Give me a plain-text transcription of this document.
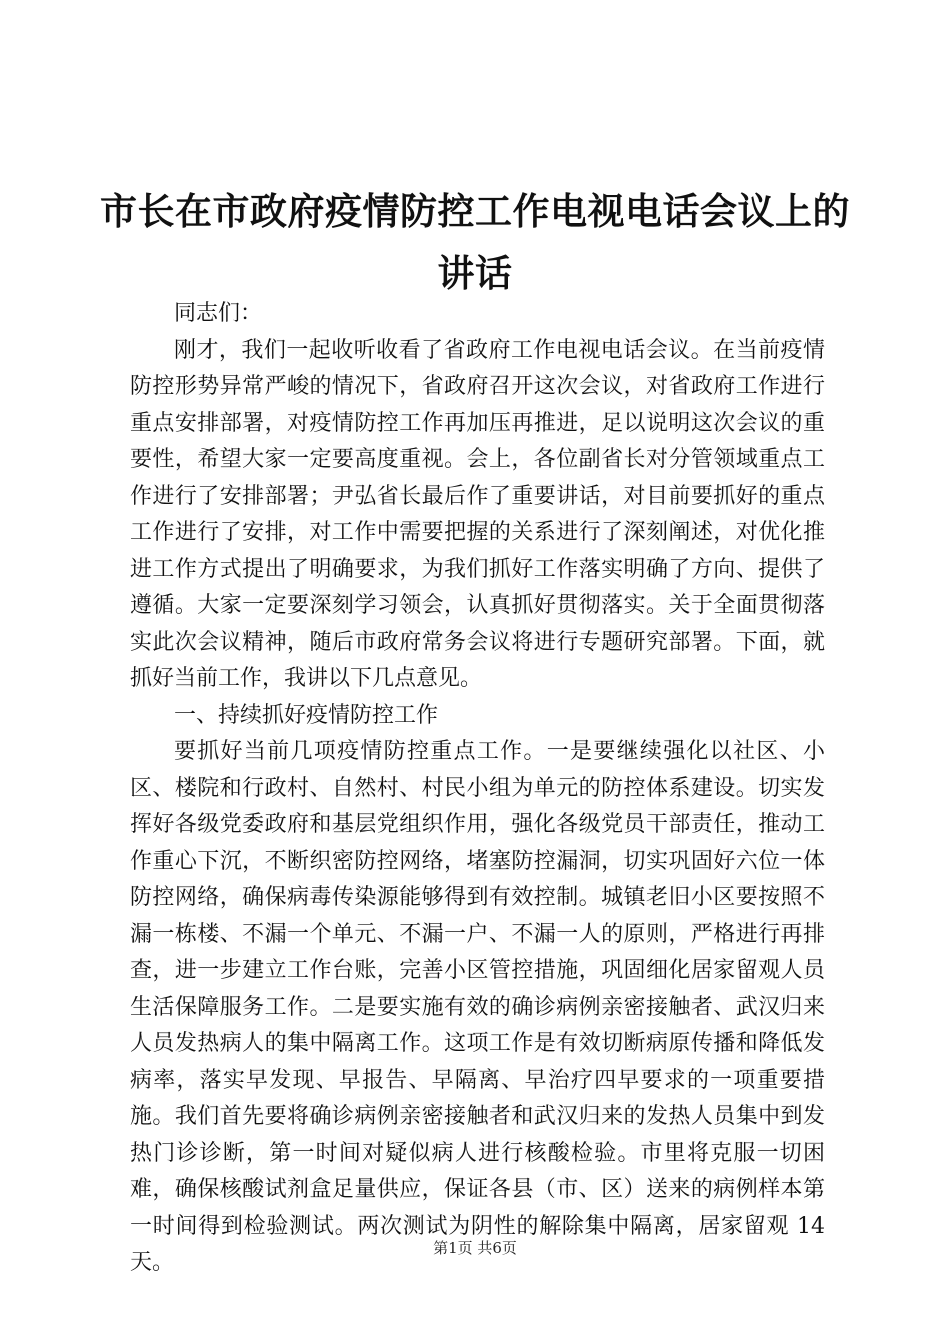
市长在市政府疫情防控工作电视电话会议上的讲话

同志们：

刚才，我们一起收听收看了省政府工作电视电话会议。在当前疫情防控形势异常严峻的情况下，省政府召开这次会议，对省政府工作进行重点安排部署，对疫情防控工作再加压再推进，足以说明这次会议的重要性，希望大家一定要高度重视。会上，各位副省长对分管领域重点工作进行了安排部署；尹弘省长最后作了重要讲话，对目前要抓好的重点工作进行了安排，对工作中需要把握的关系进行了深刻阐述，对优化推进工作方式提出了明确要求，为我们抓好工作落实明确了方向、提供了遵循。大家一定要深刻学习领会，认真抓好贯彻落实。关于全面贯彻落实此次会议精神，随后市政府常务会议将进行专题研究部署。下面，就抓好当前工作，我讲以下几点意见。

一、持续抓好疫情防控工作

要抓好当前几项疫情防控重点工作。一是要继续强化以社区、小区、楼院和行政村、自然村、村民小组为单元的防控体系建设。切实发挥好各级党委政府和基层党组织作用，强化各级党员干部责任，推动工作重心下沉，不断织密防控网络，堵塞防控漏洞，切实巩固好六位一体防控网络，确保病毒传染源能够得到有效控制。城镇老旧小区要按照不漏一栋楼、不漏一个单元、不漏一户、不漏一人的原则，严格进行再排查，进一步建立工作台账，完善小区管控措施，巩固细化居家留观人员生活保障服务工作。二是要实施有效的确诊病例亲密接触者、武汉归来人员发热病人的集中隔离工作。这项工作是有效切断病原传播和降低发病率，落实早发现、早报告、早隔离、早治疗四早要求的一项重要措施。我们首先要将确诊病例亲密接触者和武汉归来的发热人员集中到发热门诊诊断，第一时间对疑似病人进行核酸检验。市里将克服一切困难，确保核酸试剂盒足量供应，保证各县（市、区）送来的病例样本第一时间得到检验测试。两次测试为阴性的解除集中隔离，居家留观 14 天。

第1页 共6页
